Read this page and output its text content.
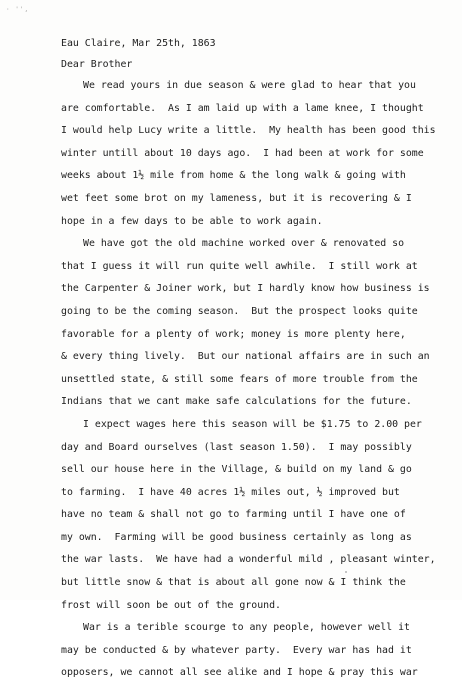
· '',
Eau Claire, Mar 25th, 1863
Dear Brother
We read yours in due season & were glad to hear that you
are comfortable.  As I am laid up with a lame knee, I thought
I would help Lucy write a little.  My health has been good this
winter untill about 10 days ago.  I had been at work for some
weeks about 1½ mile from home & the long walk & going with
wet feet some brot on my lameness, but it is recovering & I
hope in a few days to be able to work again.
We have got the old machine worked over & renovated so
that I guess it will run quite well awhile.  I still work at
the Carpenter & Joiner work, but I hardly know how business is
going to be the coming season.  But the prospect looks quite
favorable for a plenty of work; money is more plenty here,
& every thing lively.  But our national affairs are in such an
unsettled state, & still some fears of more trouble from the
Indians that we cant make safe calculations for the future.
I expect wages here this season will be $1.75 to 2.00 per
day and Board ourselves (last season 1.50).  I may possibly
sell our house here in the Village, & build on my land & go
to farming.  I have 40 acres 1½ miles out, ½ improved but
have no team & shall not go to farming until I have one of
my own.  Farming will be good business certainly as long as
the war lasts.  We have had a wonderful mild , pleasant winter,
but little snow & that is about all gone now & I think the
frost will soon be out of the ground.
War is a terible scourge to any people, however well it
may be conducted & by whatever party.  Every war has had it
opposers, we cannot all see alike and I hope & pray this war
